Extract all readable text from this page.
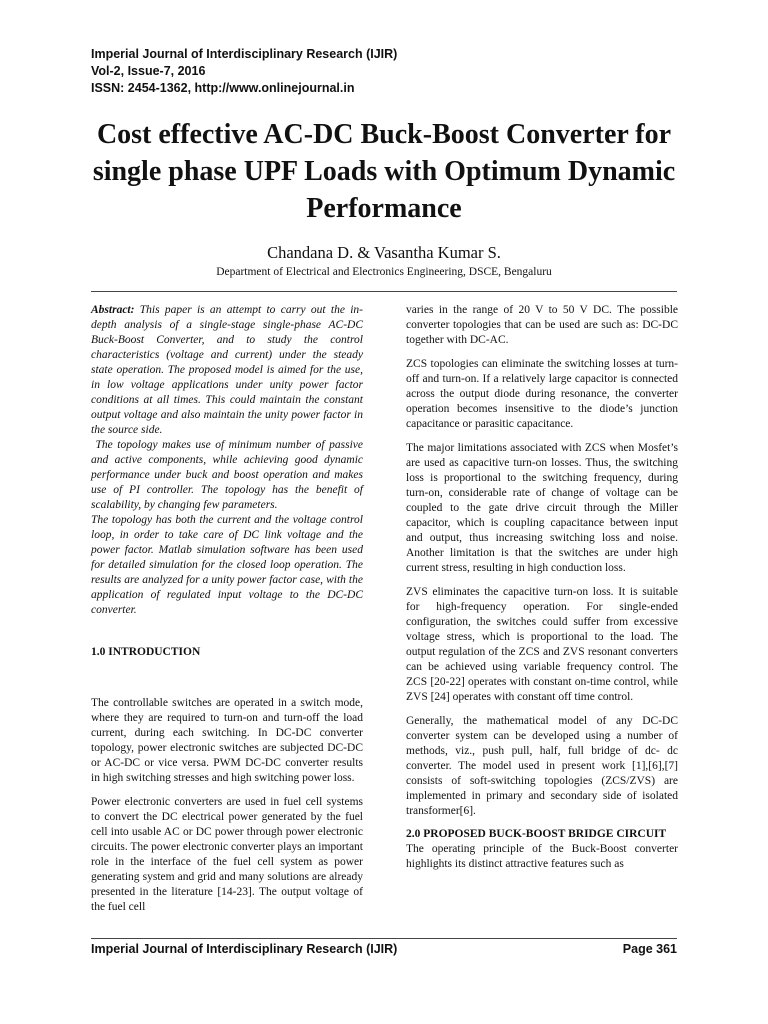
Imperial Journal of Interdisciplinary Research (IJIR)
Vol-2, Issue-7, 2016
ISSN: 2454-1362, http://www.onlinejournal.in
Cost effective AC-DC Buck-Boost Converter for single phase UPF Loads with Optimum Dynamic Performance
Chandana D. & Vasantha Kumar S.
Department of Electrical and Electronics Engineering, DSCE, Bengaluru

Abstract: This paper is an attempt to carry out the in-depth analysis of a single-stage single-phase AC-DC Buck-Boost Converter, and to study the control characteristics (voltage and current) under the steady state operation. The proposed model is aimed for the use, in low voltage applications under unity power factor conditions at all times. This could maintain the constant output voltage and also maintain the unity power factor in the source side.

The topology makes use of minimum number of passive and active components, while achieving good dynamic performance under buck and boost operation and makes use of PI controller. The topology has the benefit of scalability, by changing few parameters.

The topology has both the current and the voltage control loop, in order to take care of DC link voltage and the power factor. Matlab simulation software has been used for detailed simulation for the closed loop operation. The results are analyzed for a unity power factor case, with the application of regulated input voltage to the DC-DC converter.

1.0 INTRODUCTION

The controllable switches are operated in a switch mode, where they are required to turn-on and turn-off the load current, during each switching. In DC-DC converter topology, power electronic switches are subjected DC-DC or AC-DC or vice versa. PWM DC-DC converter results in high switching stresses and high switching power loss.

Power electronic converters are used in fuel cell systems to convert the DC electrical power generated by the fuel cell into usable AC or DC power through power electronic circuits. The power electronic converter plays an important role in the interface of the fuel cell system as power generating system and grid and many solutions are already presented in the literature [14-23]. The output voltage of the fuel cell

varies in the range of 20 V to 50 V DC. The possible converter topologies that can be used are such as: DC-DC together with DC-AC.

ZCS topologies can eliminate the switching losses at turn-off and turn-on. If a relatively large capacitor is connected across the output diode during resonance, the converter operation becomes insensitive to the diode’s junction capacitance or parasitic capacitance.

The major limitations associated with ZCS when Mosfet’s are used as capacitive turn-on losses. Thus, the switching loss is proportional to the switching frequency, during turn-on, considerable rate of change of voltage can be coupled to the gate drive circuit through the Miller capacitor, which is coupling capacitance between input and output, thus increasing switching loss and noise. Another limitation is that the switches are under high current stress, resulting in high conduction loss.

ZVS eliminates the capacitive turn-on loss. It is suitable for high-frequency operation. For single-ended configuration, the switches could suffer from excessive voltage stress, which is proportional to the load. The output regulation of the ZCS and ZVS resonant converters can be achieved using variable frequency control. The ZCS [20-22] operates with constant on-time control, while ZVS [24] operates with constant off time control.

Generally, the mathematical model of any DC-DC converter system can be developed using a number of methods, viz., push pull, half, full bridge of dc- dc converter. The model used in present work [1],[6],[7] consists of soft-switching topologies (ZCS/ZVS) are implemented in primary and secondary side of isolated transformer[6].

2.0 PROPOSED BUCK-BOOST BRIDGE CIRCUIT

The operating principle of the Buck-Boost converter highlights its distinct attractive features such as

Imperial Journal of Interdisciplinary Research (IJIR)	Page 361
